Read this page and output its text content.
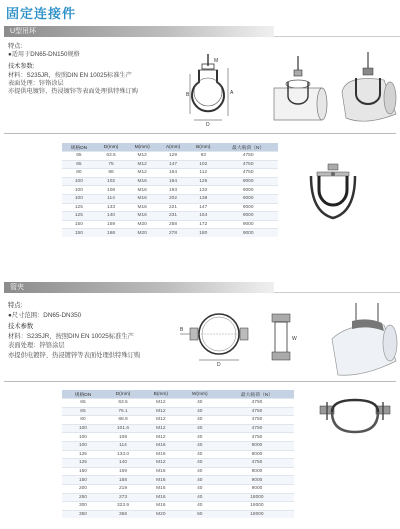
固定连接件
U型吊环
特点:
●适用于DN65-DN150规格
技术参数:
材料：S235JR，按照DIN EN 10025标准生产
表面处理：锌铬涂层
亦提供电镀锌、热浸镀锌等表面处理供特殊订购	B	A
M
D
规格DN	D(mm)	M(mm)	A(mm)	B(mm)	最大载荷（N）
65	63.5	M12	129	93	4750
65	75	M12	147	102	4750
80	88	M12	164	112	4750
100	102	M16	184	126	9000
100	108	M16	193	132	9000
100	114	M16	202	138	9000
125	133	M16	221	147	9000
125	140	M16	231	154	9000
150	159	M20	258	172	9000
150	168	M20	278	180	9000
管夹
特点:
●尺寸范围：DN65-DN350
技术参数
材料：S235JR，按照DIN EN 10025标准生产
表面处理：锌铬涂层
亦提供电镀锌、热浸镀锌等表面处理供特殊订购
B
D
W
规格DN	D(mm)	B(mm)	W(mm)	最大载荷（N）
65	63.5	M12	40	4750
65	76.1	M12	40	4750
80	88.9	M12	40	4750
100	101.6	M12	40	4750
100	108	M12	40	4750
100	114	M16	40	9000
125	133.0	M16	40	9000
125	140	M12	40	4750
150	159	M16	40	9000
150	168	M16	40	9000
200	219	M16	40	9000
250	273	M16	40	18000
300	323.9	M16	40	18000
350	356	M20	60	18000
